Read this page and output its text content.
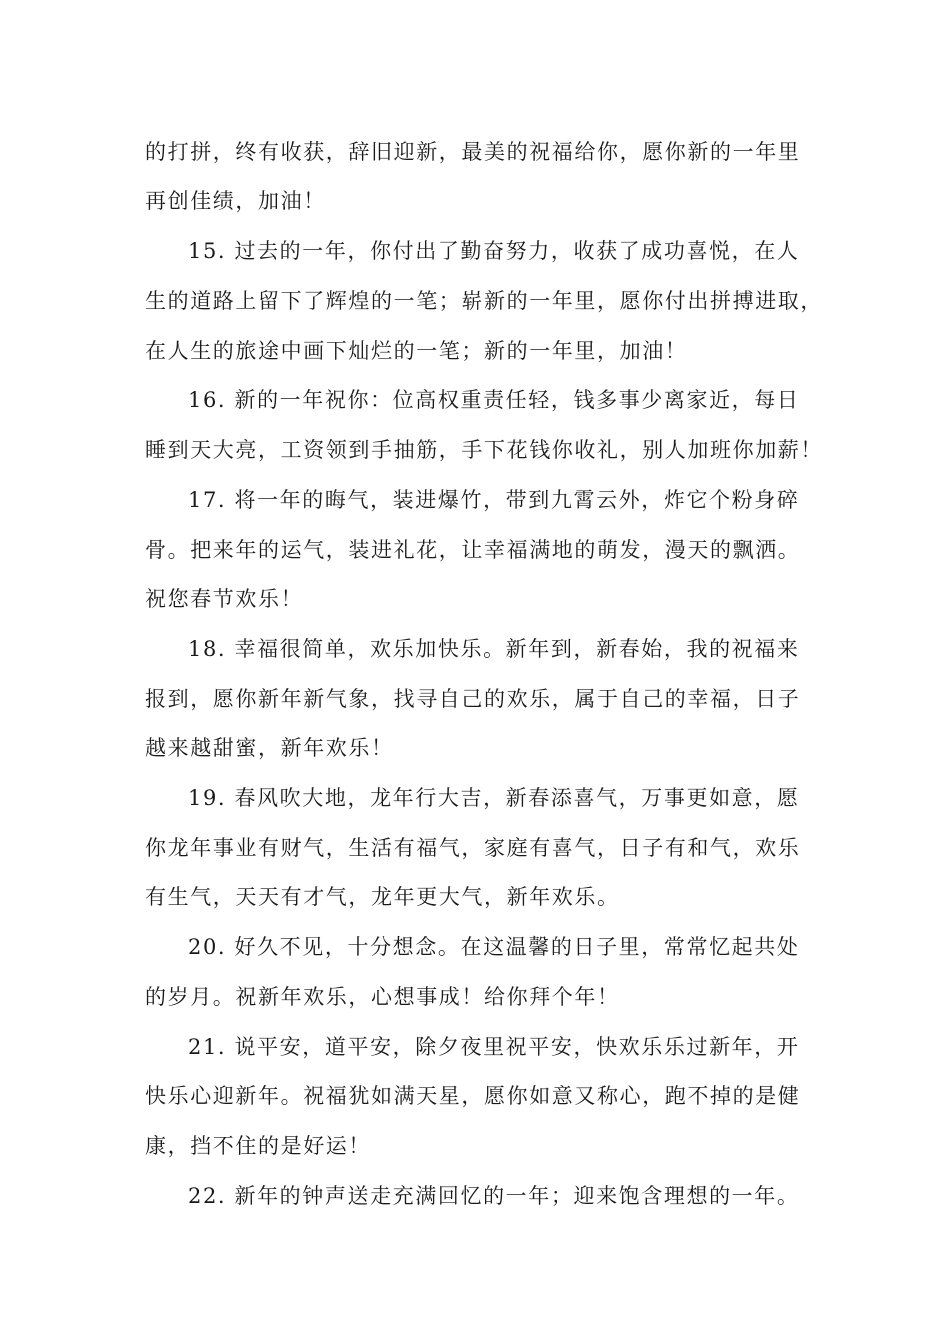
的打拼，终有收获，辞旧迎新，最美的祝福给你，愿你新的一年里
再创佳绩，加油！
15. 过去的一年，你付出了勤奋努力，收获了成功喜悦，在人
生的道路上留下了辉煌的一笔；崭新的一年里，愿你付出拼搏进取，
在人生的旅途中画下灿烂的一笔；新的一年里，加油！
16. 新的一年祝你：位高权重责任轻，钱多事少离家近，每日
睡到天大亮，工资领到手抽筋，手下花钱你收礼，别人加班你加薪！
17. 将一年的晦气，装进爆竹，带到九霄云外，炸它个粉身碎
骨。把来年的运气，装进礼花，让幸福满地的萌发，漫天的飘洒。
祝您春节欢乐！
18. 幸福很简单，欢乐加快乐。新年到，新春始，我的祝福来
报到，愿你新年新气象，找寻自己的欢乐，属于自己的幸福，日子
越来越甜蜜，新年欢乐！
19. 春风吹大地，龙年行大吉，新春添喜气，万事更如意，愿
你龙年事业有财气，生活有福气，家庭有喜气，日子有和气，欢乐
有生气，天天有才气，龙年更大气，新年欢乐。
20. 好久不见，十分想念。在这温馨的日子里，常常忆起共处
的岁月。祝新年欢乐，心想事成！给你拜个年！
21. 说平安，道平安，除夕夜里祝平安，快欢乐乐过新年，开
快乐心迎新年。祝福犹如满天星，愿你如意又称心，跑不掉的是健
康，挡不住的是好运！
22. 新年的钟声送走充满回忆的一年；迎来饱含理想的一年。
